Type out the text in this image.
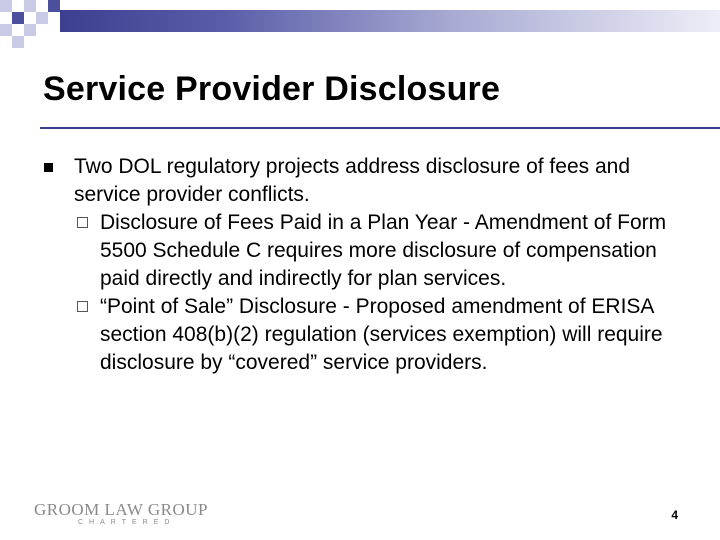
Service Provider Disclosure
Two DOL regulatory projects address disclosure of fees and service provider conflicts.
Disclosure of Fees Paid in a Plan Year - Amendment of Form 5500 Schedule C requires more disclosure of compensation paid directly and indirectly for plan services.
“Point of Sale” Disclosure - Proposed amendment of ERISA section 408(b)(2) regulation (services exemption) will require disclosure by “covered” service providers.
GROOM LAW GROUP
CHARTERED
4
